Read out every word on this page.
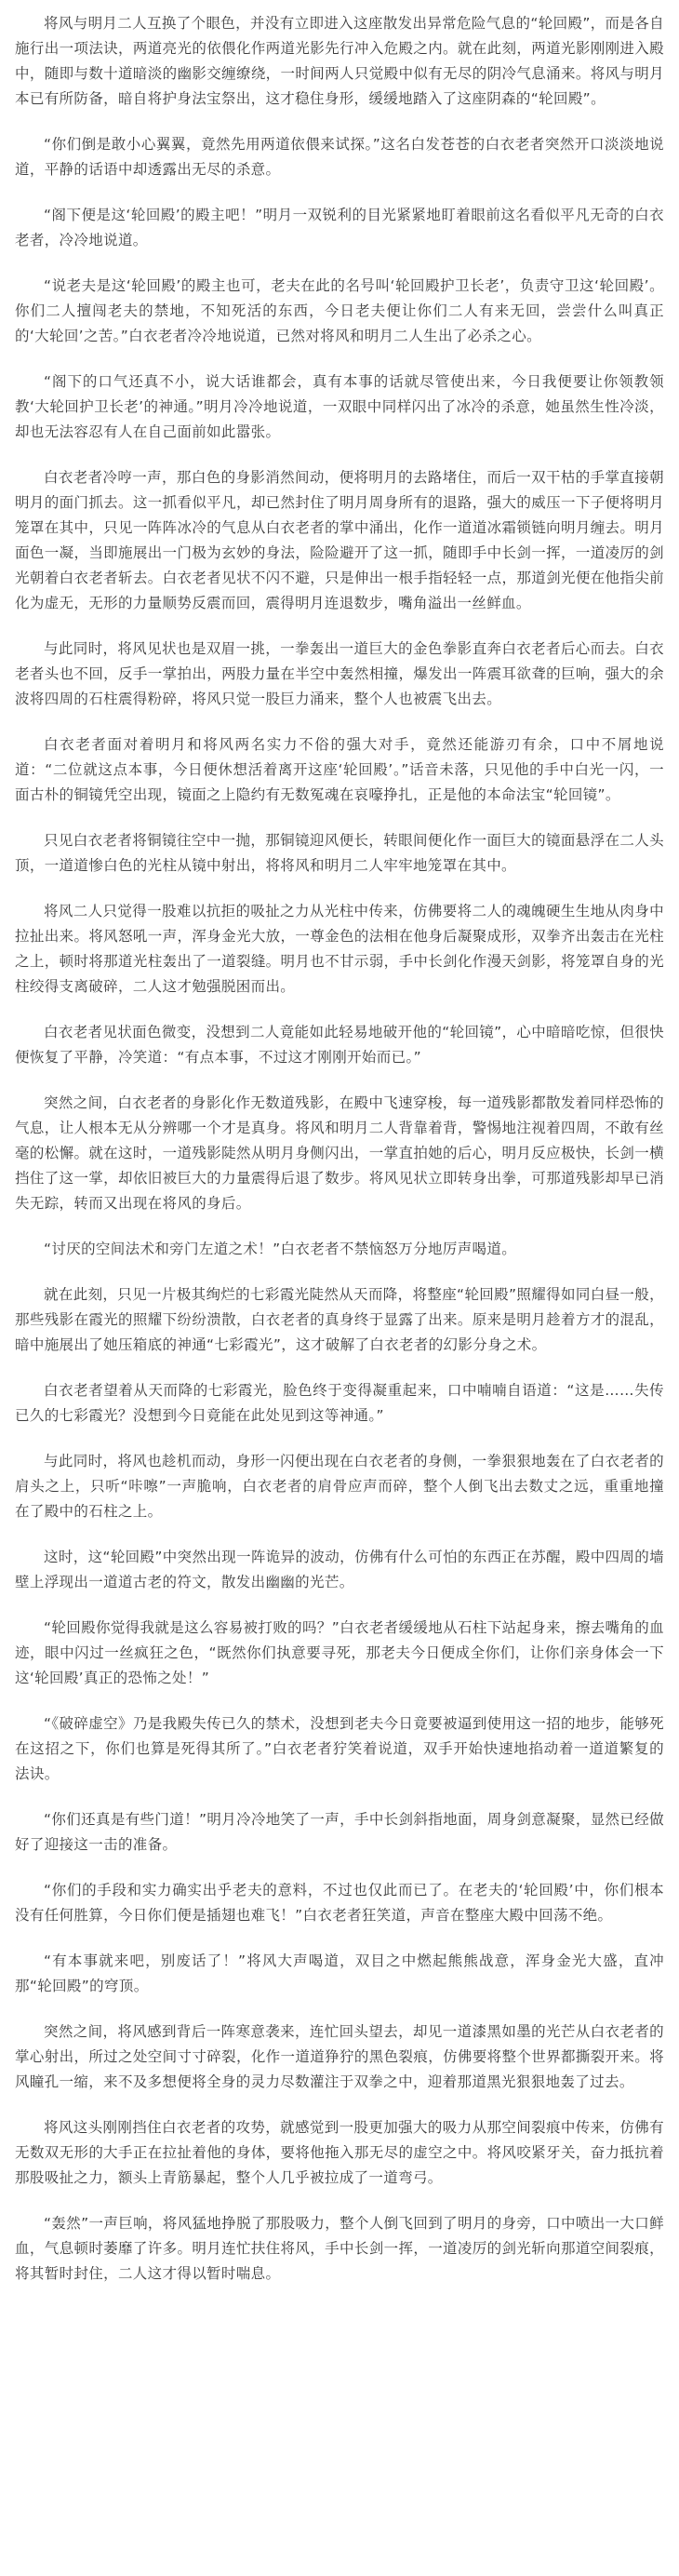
将风与明月二人互换了个眼色，并没有立即进入这座散发出异常危险气息的“轮回殿”，而是各自施行出一项法诀，两道亮光的依偎化作两道光影先行冲入危殿之内。就在此刻，两道光影刚刚进入殿中，随即与数十道暗淡的幽影交缠缭绕，一时间两人只觉殿中似有无尽的阴冷气息涌来。将风与明月本已有所防备，暗自将护身法宝祭出，这才稳住身形，缓缓地踏入了这座阴森的“轮回殿”。

“你们倒是敢小心翼翼，竟然先用两道依偎来试探。”这名白发苍苍的白衣老者突然开口淡淡地说道，平静的话语中却透露出无尽的杀意。

“阁下便是这‘轮回殿’的殿主吧！”明月一双锐利的目光紧紧地盯着眼前这名看似平凡无奇的白衣老者，冷冷地说道。

“说老夫是这‘轮回殿’的殿主也可，老夫在此的名号叫‘轮回殿护卫长老’，负责守卫这‘轮回殿’。你们二人擅闯老夫的禁地，不知死活的东西，今日老夫便让你们二人有来无回，尝尝什么叫真正的‘大轮回’之苦。”白衣老者冷冷地说道，已然对将风和明月二人生出了必杀之心。

“阁下的口气还真不小，说大话谁都会，真有本事的话就尽管使出来，今日我便要让你领教领教‘大轮回护卫长老’的神通。”明月冷冷地说道，一双眼中同样闪出了冰冷的杀意，她虽然生性冷淡，却也无法容忍有人在自己面前如此嚣张。

白衣老者冷哼一声，那白色的身影消然间动，便将明月的去路堵住，而后一双干枯的手掌直接朝明月的面门抓去。这一抓看似平凡，却已然封住了明月周身所有的退路，强大的威压一下子便将明月笼罩在其中，只见一阵阵冰冷的气息从白衣老者的掌中涌出，化作一道道冰霜锁链向明月缠去。明月面色一凝，当即施展出一门极为玄妙的身法，险险避开了这一抓，随即手中长剑一挥，一道凌厉的剑光朝着白衣老者斩去。白衣老者见状不闪不避，只是伸出一根手指轻轻一点，那道剑光便在他指尖前化为虚无，无形的力量顺势反震而回，震得明月连退数步，嘴角溢出一丝鲜血。

与此同时，将风见状也是双眉一挑，一拳轰出一道巨大的金色拳影直奔白衣老者后心而去。白衣老者头也不回，反手一掌拍出，两股力量在半空中轰然相撞，爆发出一阵震耳欲聋的巨响，强大的余波将四周的石柱震得粉碎，将风只觉一股巨力涌来，整个人也被震飞出去。

白衣老者面对着明月和将风两名实力不俗的强大对手，竟然还能游刃有余，口中不屑地说道：“二位就这点本事，今日便休想活着离开这座‘轮回殿’。”话音未落，只见他的手中白光一闪，一面古朴的铜镜凭空出现，镜面之上隐约有无数冤魂在哀嚎挣扎，正是他的本命法宝“轮回镜”。

只见白衣老者将铜镜往空中一抛，那铜镜迎风便长，转眼间便化作一面巨大的镜面悬浮在二人头顶，一道道惨白色的光柱从镜中射出，将将风和明月二人牢牢地笼罩在其中。

将风二人只觉得一股难以抗拒的吸扯之力从光柱中传来，仿佛要将二人的魂魄硬生生地从肉身中拉扯出来。将风怒吼一声，浑身金光大放，一尊金色的法相在他身后凝聚成形，双拳齐出轰击在光柱之上，顿时将那道光柱轰出了一道裂缝。明月也不甘示弱，手中长剑化作漫天剑影，将笼罩自身的光柱绞得支离破碎，二人这才勉强脱困而出。

白衣老者见状面色微变，没想到二人竟能如此轻易地破开他的“轮回镜”，心中暗暗吃惊，但很快便恢复了平静，冷笑道：“有点本事，不过这才刚刚开始而已。”

突然之间，白衣老者的身影化作无数道残影，在殿中飞速穿梭，每一道残影都散发着同样恐怖的气息，让人根本无从分辨哪一个才是真身。将风和明月二人背靠着背，警惕地注视着四周，不敢有丝毫的松懈。就在这时，一道残影陡然从明月身侧闪出，一掌直拍她的后心，明月反应极快，长剑一横挡住了这一掌，却依旧被巨大的力量震得后退了数步。将风见状立即转身出拳，可那道残影却早已消失无踪，转而又出现在将风的身后。

“讨厌的空间法术和旁门左道之术！”白衣老者不禁恼怒万分地厉声喝道。

就在此刻，只见一片极其绚烂的七彩霞光陡然从天而降，将整座“轮回殿”照耀得如同白昼一般，那些残影在霞光的照耀下纷纷溃散，白衣老者的真身终于显露了出来。原来是明月趁着方才的混乱，暗中施展出了她压箱底的神通“七彩霞光”，这才破解了白衣老者的幻影分身之术。

白衣老者望着从天而降的七彩霞光，脸色终于变得凝重起来，口中喃喃自语道：“这是……失传已久的七彩霞光？没想到今日竟能在此处见到这等神通。”

与此同时，将风也趁机而动，身形一闪便出现在白衣老者的身侧，一拳狠狠地轰在了白衣老者的肩头之上，只听“咔嚓”一声脆响，白衣老者的肩骨应声而碎，整个人倒飞出去数丈之远，重重地撞在了殿中的石柱之上。

这时，这“轮回殿”中突然出现一阵诡异的波动，仿佛有什么可怕的东西正在苏醒，殿中四周的墙壁上浮现出一道道古老的符文，散发出幽幽的光芒。

“轮回殿你觉得我就是这么容易被打败的吗？”白衣老者缓缓地从石柱下站起身来，擦去嘴角的血迹，眼中闪过一丝疯狂之色，“既然你们执意要寻死，那老夫今日便成全你们，让你们亲身体会一下这‘轮回殿’真正的恐怖之处！”

“《破碎虚空》乃是我殿失传已久的禁术，没想到老夫今日竟要被逼到使用这一招的地步，能够死在这招之下，你们也算是死得其所了。”白衣老者狞笑着说道，双手开始快速地掐动着一道道繁复的法诀。

“你们还真是有些门道！”明月冷冷地笑了一声，手中长剑斜指地面，周身剑意凝聚，显然已经做好了迎接这一击的准备。

“你们的手段和实力确实出乎老夫的意料，不过也仅此而已了。在老夫的‘轮回殿’中，你们根本没有任何胜算，今日你们便是插翅也难飞！”白衣老者狂笑道，声音在整座大殿中回荡不绝。

“有本事就来吧，别废话了！”将风大声喝道，双目之中燃起熊熊战意，浑身金光大盛，直冲那“轮回殿”的穹顶。

突然之间，将风感到背后一阵寒意袭来，连忙回头望去，却见一道漆黑如墨的光芒从白衣老者的掌心射出，所过之处空间寸寸碎裂，化作一道道狰狞的黑色裂痕，仿佛要将整个世界都撕裂开来。将风瞳孔一缩，来不及多想便将全身的灵力尽数灌注于双拳之中，迎着那道黑光狠狠地轰了过去。

将风这头刚刚挡住白衣老者的攻势，就感觉到一股更加强大的吸力从那空间裂痕中传来，仿佛有无数双无形的大手正在拉扯着他的身体，要将他拖入那无尽的虚空之中。将风咬紧牙关，奋力抵抗着那股吸扯之力，额头上青筋暴起，整个人几乎被拉成了一道弯弓。

“轰然”一声巨响，将风猛地挣脱了那股吸力，整个人倒飞回到了明月的身旁，口中喷出一大口鲜血，气息顿时萎靡了许多。明月连忙扶住将风，手中长剑一挥，一道凌厉的剑光斩向那道空间裂痕，将其暂时封住，二人这才得以暂时喘息。
